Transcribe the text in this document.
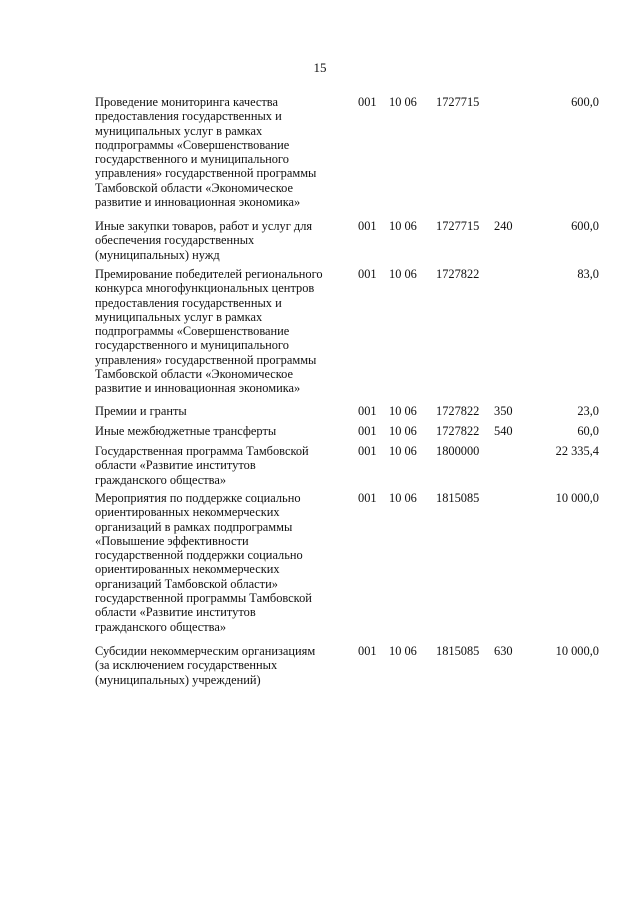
15
Проведение мониторинга качества
предоставления государственных и
муниципальных услуг в рамках
подпрограммы «Совершенствование
государственного и муниципального
управления» государственной программы
Тамбовской области «Экономическое
развитие и инновационная экономика»
001 10 06 1727715	600,0
Иные закупки товаров, работ и услуг для
обеспечения государственных
(муниципальных) нужд
001 10 06 1727715 240	600,0
Премирование победителей регионального
конкурса многофункциональных центров
предоставления государственных и
муниципальных услуг в рамках
подпрограммы «Совершенствование
государственного и муниципального
управления» государственной программы
Тамбовской области «Экономическое
развитие и инновационная экономика»
001 10 06 1727822	83,0
Премии и гранты	001 10 06 1727822 350	23,0
Иные межбюджетные трансферты	001 10 06 1727822 540	60,0
Государственная программа Тамбовской
области «Развитие институтов
гражданского общества»
001 10 06 1800000	22 335,4
Мероприятия по поддержке социально
ориентированных некоммерческих
организаций в рамках подпрограммы
«Повышение эффективности
государственной поддержки социально
ориентированных некоммерческих
организаций Тамбовской области»
государственной программы Тамбовской
области «Развитие институтов
гражданского общества»
001 10 06 1815085	10 000,0
Субсидии некоммерческим организациям
(за исключением государственных
(муниципальных) учреждений)
001 10 06 1815085 630	10 000,0
